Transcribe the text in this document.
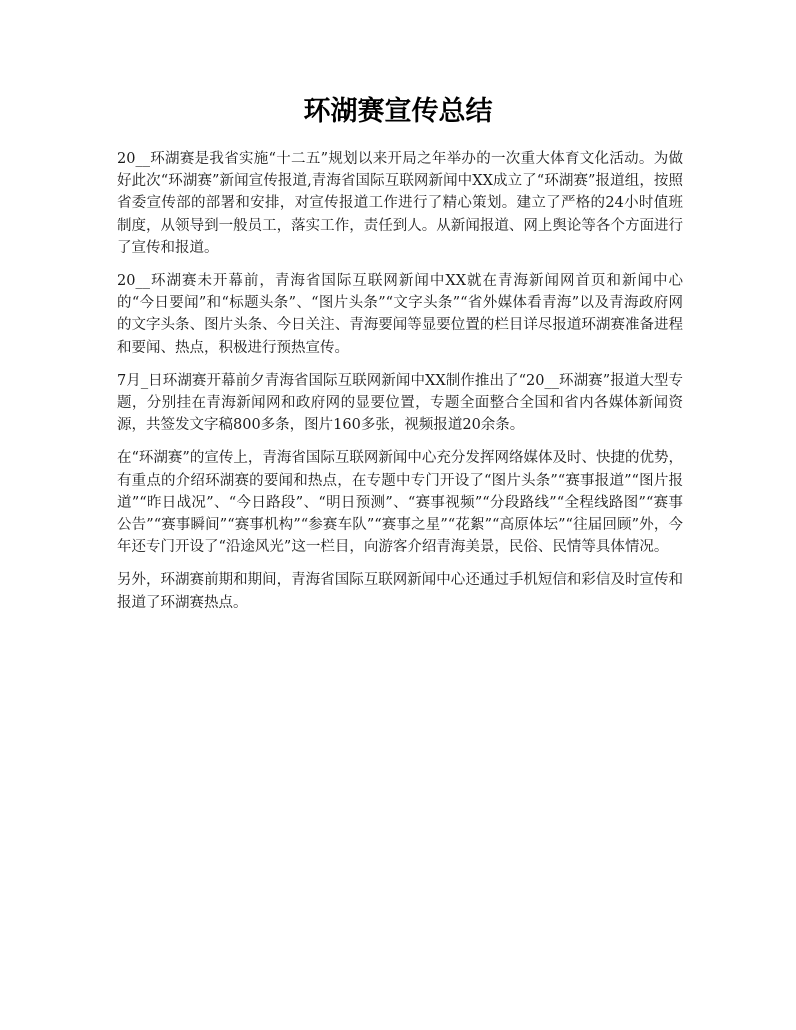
环湖赛宣传总结

20__环湖赛是我省实施“十二五”规划以来开局之年举办的一次重大体育文化活动。为做好此次“环湖赛”新闻宣传报道,青海省国际互联网新闻中XX成立了“环湖赛”报道组，按照省委宣传部的部署和安排，对宣传报道工作进行了精心策划。建立了严格的24小时值班制度，从领导到一般员工，落实工作，责任到人。从新闻报道、网上舆论等各个方面进行了宣传和报道。

20__环湖赛未开幕前，青海省国际互联网新闻中XX就在青海新闻网首页和新闻中心的“今日要闻”和“标题头条”、“图片头条”“文字头条”“省外媒体看青海”以及青海政府网的文字头条、图片头条、今日关注、青海要闻等显要位置的栏目详尽报道环湖赛准备进程和要闻、热点，积极进行预热宣传。

7月_日环湖赛开幕前夕青海省国际互联网新闻中XX制作推出了“20__环湖赛”报道大型专题，分别挂在青海新闻网和政府网的显要位置，专题全面整合全国和省内各媒体新闻资源，共签发文字稿800多条，图片160多张，视频报道20余条。

在“环湖赛”的宣传上，青海省国际互联网新闻中心充分发挥网络媒体及时、快捷的优势，有重点的介绍环湖赛的要闻和热点，在专题中专门开设了“图片头条”“赛事报道”“图片报道”“昨日战况”、“今日路段”、“明日预测”、“赛事视频”“分段路线”“全程线路图”“赛事公告”“赛事瞬间”“赛事机构”“参赛车队”“赛事之星”“花絮”“高原体坛”“往届回顾”外，今年还专门开设了“沿途风光”这一栏目，向游客介绍青海美景，民俗、民情等具体情况。

另外，环湖赛前期和期间，青海省国际互联网新闻中心还通过手机短信和彩信及时宣传和报道了环湖赛热点。
